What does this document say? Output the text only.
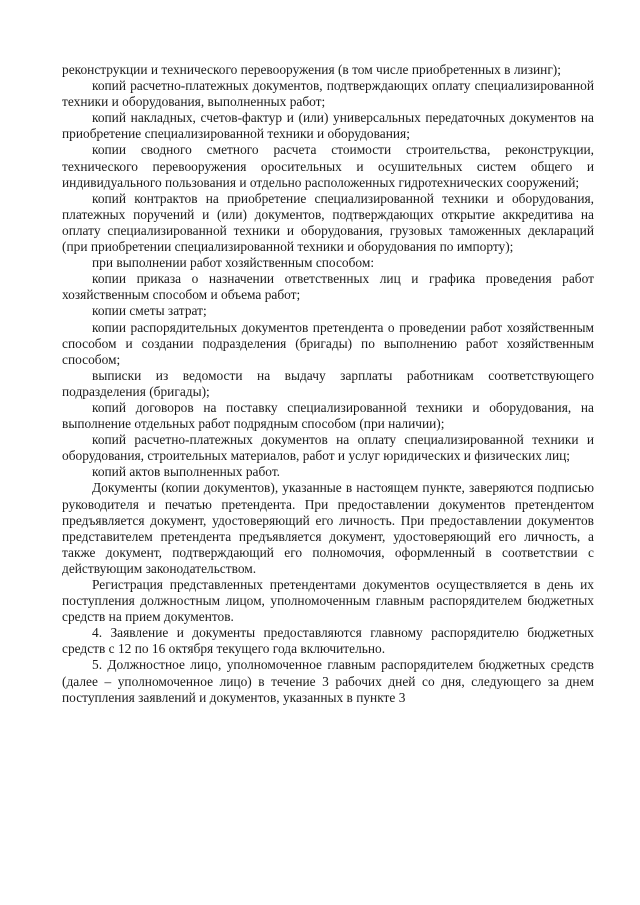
реконструкции и технического перевооружения (в том числе приобретенных в лизинг);

копий расчетно-платежных документов, подтверждающих оплату специализированной техники и оборудования, выполненных работ;

копий накладных, счетов-фактур и (или) универсальных передаточных документов на приобретение специализированной техники и оборудования;

копии сводного сметного расчета стоимости строительства, реконструкции, технического перевооружения оросительных и осушительных систем общего и индивидуального пользования и отдельно расположенных гидротехнических сооружений;

копий контрактов на приобретение специализированной техники и оборудования, платежных поручений и (или) документов, подтверждающих открытие аккредитива на оплату специализированной техники и оборудования, грузовых таможенных деклараций (при приобретении специализированной техники и оборудования по импорту);

при выполнении работ хозяйственным способом:

копии приказа о назначении ответственных лиц и графика проведения работ хозяйственным способом и объема работ;

копии сметы затрат;

копии распорядительных документов претендента о проведении работ хозяйственным способом и создании подразделения (бригады) по выполнению работ хозяйственным способом;

выписки из ведомости на выдачу зарплаты работникам соответствующего подразделения (бригады);

копий договоров на поставку специализированной техники и оборудования, на выполнение отдельных работ подрядным способом (при наличии);

копий расчетно-платежных документов на оплату специализированной техники и оборудования, строительных материалов, работ и услуг юридических и физических лиц;

копий актов выполненных работ.

Документы (копии документов), указанные в настоящем пункте, заверяются подписью руководителя и печатью претендента. При предоставлении документов претендентом предъявляется документ, удостоверяющий его личность. При предоставлении документов представителем претендента предъявляется документ, удостоверяющий его личность, а также документ, подтверждающий его полномочия, оформленный в соответствии с действующим законодательством.

Регистрация представленных претендентами документов осуществляется в день их поступления должностным лицом, уполномоченным главным распорядителем бюджетных средств на прием документов.

4. Заявление и документы предоставляются главному распорядителю бюджетных средств с 12 по 16 октября текущего года включительно.

5. Должностное лицо, уполномоченное главным распорядителем бюджетных средств (далее – уполномоченное лицо) в течение 3 рабочих дней со дня, следующего за днем поступления заявлений и документов, указанных в пункте 3
